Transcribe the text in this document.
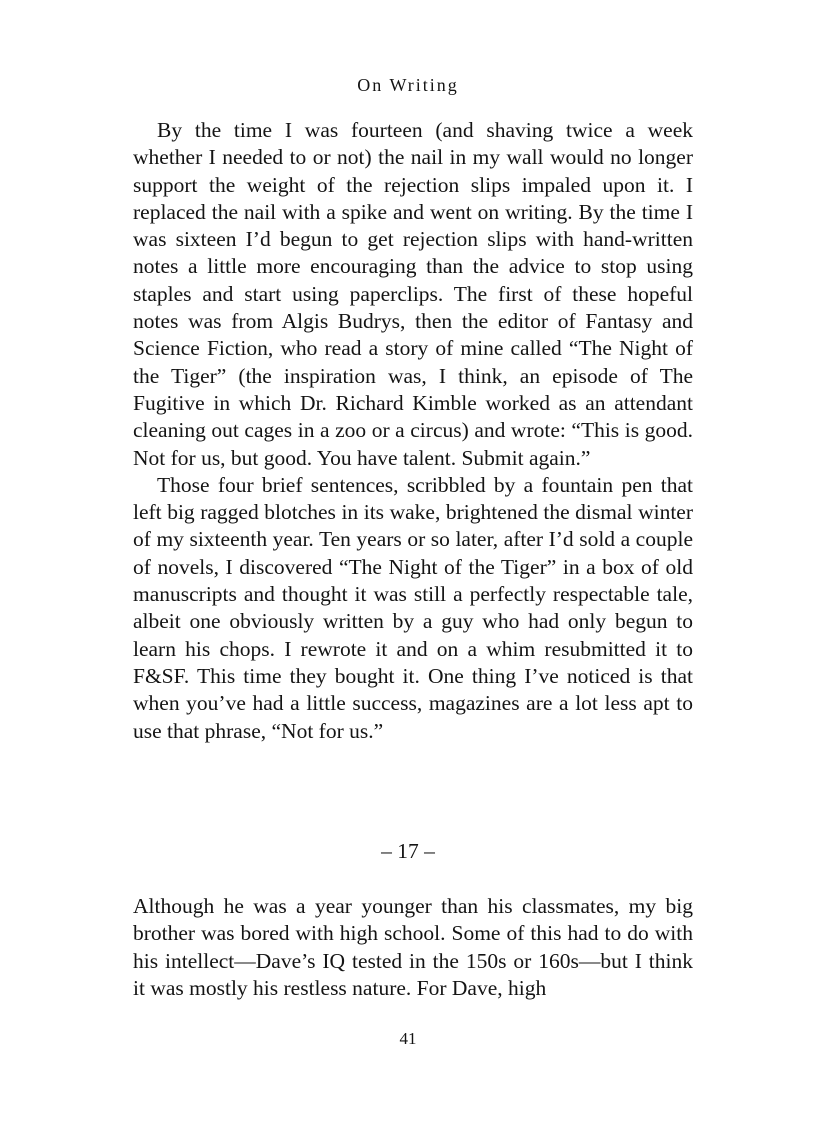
On Writing

By the time I was fourteen (and shaving twice a week whether I needed to or not) the nail in my wall would no longer support the weight of the rejection slips impaled upon it. I replaced the nail with a spike and went on writing. By the time I was sixteen I’d begun to get rejection slips with hand-written notes a little more encouraging than the advice to stop using staples and start using paperclips. The first of these hopeful notes was from Algis Budrys, then the editor of Fantasy and Science Fiction, who read a story of mine called “The Night of the Tiger” (the inspiration was, I think, an episode of The Fugitive in which Dr. Richard Kimble worked as an attendant cleaning out cages in a zoo or a circus) and wrote: “This is good. Not for us, but good. You have talent. Submit again.”

Those four brief sentences, scribbled by a fountain pen that left big ragged blotches in its wake, brightened the dismal winter of my sixteenth year. Ten years or so later, after I’d sold a couple of novels, I discovered “The Night of the Tiger” in a box of old manuscripts and thought it was still a perfectly respectable tale, albeit one obviously written by a guy who had only begun to learn his chops. I rewrote it and on a whim resubmitted it to F&SF. This time they bought it. One thing I’ve noticed is that when you’ve had a little success, magazines are a lot less apt to use that phrase, “Not for us.”

– 17 –

Although he was a year younger than his classmates, my big brother was bored with high school. Some of this had to do with his intellect—Dave’s IQ tested in the 150s or 160s—but I think it was mostly his restless nature. For Dave, high

41
